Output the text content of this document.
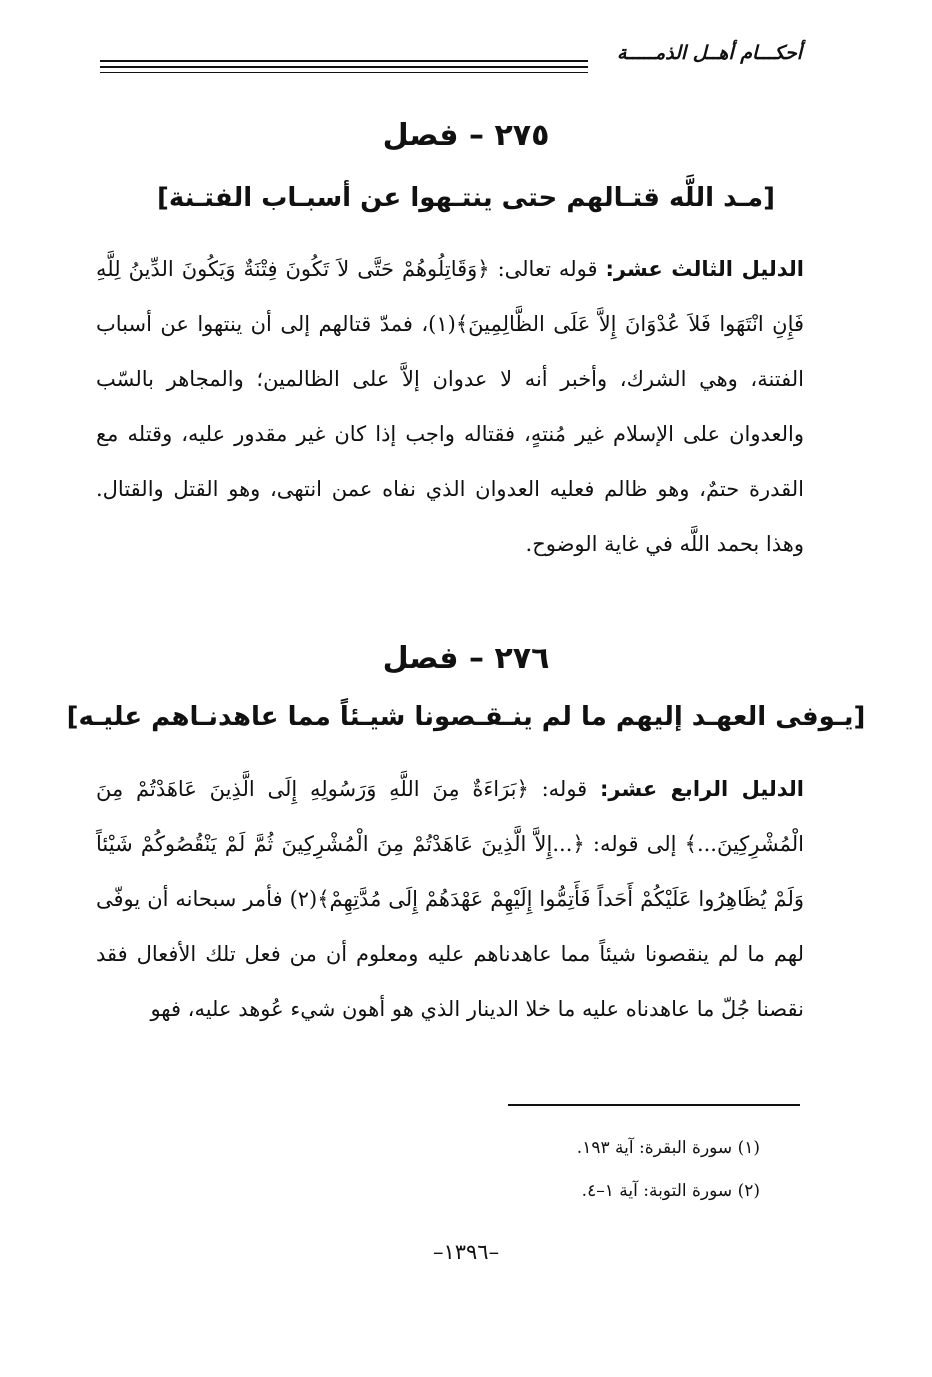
أحكـــام أهــل الذمـــــة
٢٧٥ – فصل
[مـد اللَّه قتـالهم حتى ينتـهوا عن أسبـاب الفتـنة]
الدليل الثالث عشر: قوله تعالى: ﴿وَقَاتِلُوهُمْ حَتَّى لاَ تَكُونَ فِتْنَةٌ وَيَكُونَ الدِّينُ لِلَّهِ فَإِنِ انْتَهَوا فَلاَ عُدْوَانَ إِلاَّ عَلَى الظَّالِمِينَ﴾(١)، فمدّ قتالهم إلى أن ينتهوا عن أسباب الفتنة، وهي الشرك، وأخبر أنه لا عدوان إلاَّ على الظالمين؛ والمجاهر بالسّب والعدوان على الإسلام غير مُنتهٍ، فقتاله واجب إذا كان غير مقدور عليه، وقتله مع القدرة حتمٌ، وهو ظالم فعليه العدوان الذي نفاه عمن انتهى، وهو القتل والقتال. وهذا بحمد اللَّه في غاية الوضوح.
٢٧٦ – فصل
[يـوفى العهـد إليهم ما لم ينـقـصونا شيـئاً مما عاهدنـاهم عليـه]
الدليل الرابع عشر: قوله: ﴿بَرَاءَةٌ مِنَ اللَّهِ وَرَسُولِهِ إِلَى الَّذِينَ عَاهَدْتُمْ مِنَ الْمُشْرِكِينَ...﴾ إلى قوله: ﴿...إِلاَّ الَّذِينَ عَاهَدْتُمْ مِنَ الْمُشْرِكِينَ ثُمَّ لَمْ يَنْقُصُوكُمْ شَيْئاً وَلَمْ يُظَاهِرُوا عَلَيْكُمْ أَحَداً فَأَتِمُّوا إِلَيْهِمْ عَهْدَهُمْ إِلَى مُدَّتِهِمْ﴾(٢) فأمر سبحانه أن يوفّى لهم ما لم ينقصونا شيئاً مما عاهدناهم عليه ومعلوم أن من فعل تلك الأفعال فقد نقصنا جُلّ ما عاهدناه عليه ما خلا الدينار الذي هو أهون شيء عُوهد عليه، فهو
(١) سورة البقرة: آية ١٩٣.
(٢) سورة التوبة: آية ١–٤.
–١٣٩٦–
